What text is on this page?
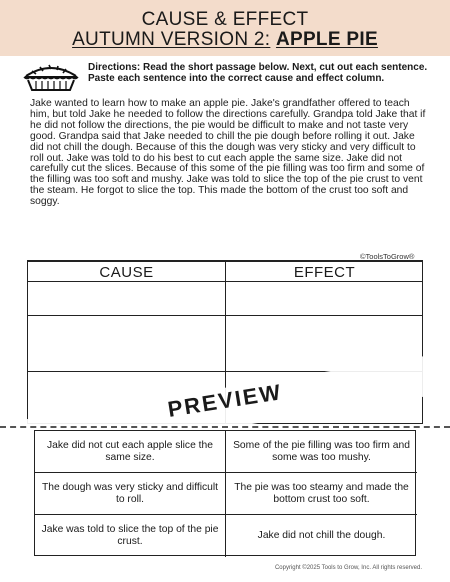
CAUSE & EFFECT
AUTUMN VERSION 2: APPLE PIE
Directions: Read the short passage below. Next, cut out each sentence. Paste each sentence into the correct cause and effect column.
Jake wanted to learn how to make an apple pie. Jake's grandfather offered to teach him, but told Jake he needed to follow the directions carefully. Grandpa told Jake that if he did not follow the directions, the pie would be difficult to make and not taste very good. Grandpa said that Jake needed to chill the pie dough before rolling it out. Jake did not chill the dough. Because of this the dough was very sticky and very difficult to roll out. Jake was told to do his best to cut each apple the same size. Jake did not carefully cut the slices. Because of this some of the pie filling was too firm and some of the filling was too soft and mushy. Jake was told to slice the top of the pie crust to vent the steam. He forgot to slice the top. This made the bottom of the crust too soft and soggy.
©ToolsToGrow®
CAUSE	EFFECT
PREVIEW
Jake did not cut each apple slice the same size.
Some of the pie filling was too firm and some was too mushy.
The dough was very sticky and difficult to roll.
The pie was too steamy and made the bottom crust too soft.
Jake was told to slice the top of the pie crust.
Jake did not chill the dough.
Copyright ©2025 Tools to Grow, Inc. All rights reserved.
